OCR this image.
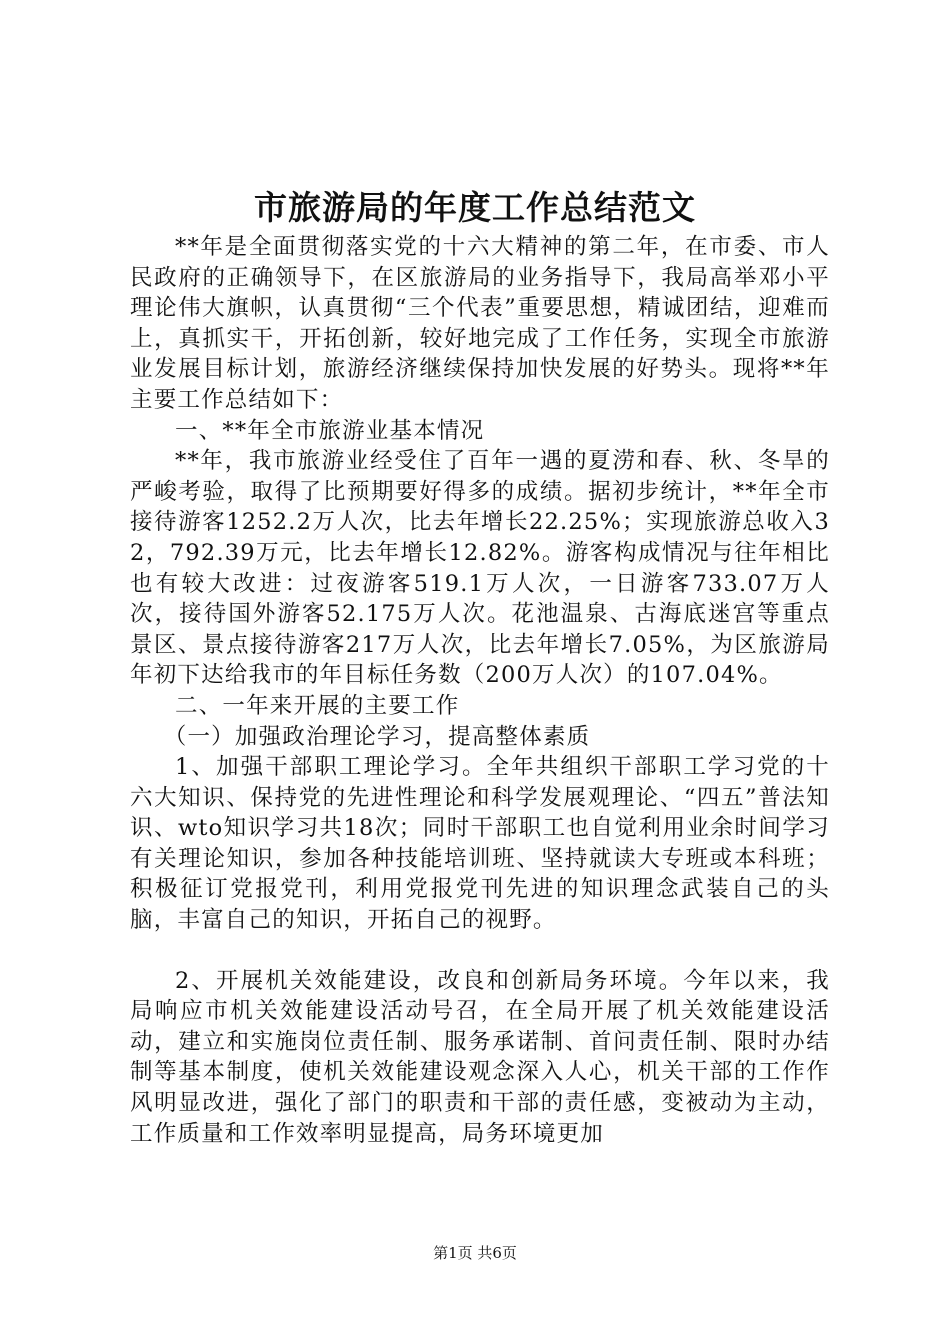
市旅游局的年度工作总结范文

**年是全面贯彻落实党的十六大精神的第二年，在市委、市人民政府的正确领导下，在区旅游局的业务指导下，我局高举邓小平理论伟大旗帜，认真贯彻“三个代表”重要思想，精诚团结，迎难而上，真抓实干，开拓创新，较好地完成了工作任务，实现全市旅游业发展目标计划，旅游经济继续保持加快发展的好势头。现将**年主要工作总结如下：

一、**年全市旅游业基本情况

**年，我市旅游业经受住了百年一遇的夏涝和春、秋、冬旱的严峻考验，取得了比预期要好得多的成绩。据初步统计，**年全市接待游客1252.2万人次，比去年增长22.25%；实现旅游总收入32，792.39万元，比去年增长12.82%。游客构成情况与往年相比也有较大改进：过夜游客519.1万人次，一日游客733.07万人次，接待国外游客52.175万人次。花池温泉、古海底迷宫等重点景区、景点接待游客217万人次，比去年增长7.05%，为区旅游局年初下达给我市的年目标任务数（200万人次）的107.04%。

二、一年来开展的主要工作

（一）加强政治理论学习，提高整体素质

1、加强干部职工理论学习。全年共组织干部职工学习党的十六大知识、保持党的先进性理论和科学发展观理论、“四五”普法知识、wto知识学习共18次；同时干部职工也自觉利用业余时间学习有关理论知识，参加各种技能培训班、坚持就读大专班或本科班；积极征订党报党刊，利用党报党刊先进的知识理念武装自己的头脑，丰富自己的知识，开拓自己的视野。

2、开展机关效能建设，改良和创新局务环境。今年以来，我局响应市机关效能建设活动号召，在全局开展了机关效能建设活动，建立和实施岗位责任制、服务承诺制、首问责任制、限时办结制等基本制度，使机关效能建设观念深入人心，机关干部的工作作风明显改进，强化了部门的职责和干部的责任感，变被动为主动，工作质量和工作效率明显提高，局务环境更加

第1页 共6页
